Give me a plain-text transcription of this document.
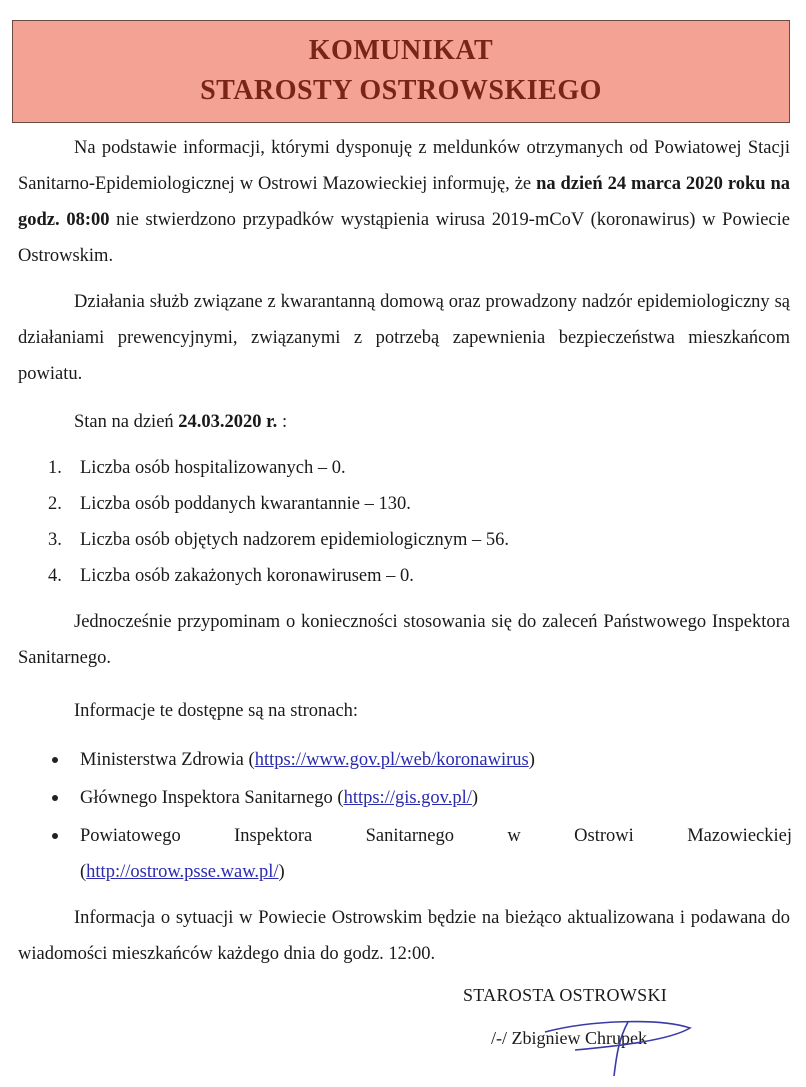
KOMUNIKAT
STAROSTY OSTROWSKIEGO
Na podstawie informacji, którymi dysponuję z meldunków otrzymanych od Powiatowej Stacji Sanitarno-Epidemiologicznej w Ostrowi Mazowieckiej informuję, że na dzień 24 marca 2020 roku na godz. 08:00 nie stwierdzono przypadków wystąpienia wirusa 2019-mCoV (koronawirus) w Powiecie Ostrowskim.
Działania służb związane z kwarantanną domową oraz prowadzony nadzór epidemiologiczny są działaniami prewencyjnymi, związanymi z potrzebą zapewnienia bezpieczeństwa mieszkańcom powiatu.
Stan na dzień 24.03.2020 r. :
1. Liczba osób hospitalizowanych – 0.
2. Liczba osób poddanych kwarantannie – 130.
3. Liczba osób objętych nadzorem epidemiologicznym – 56.
4. Liczba osób zakażonych koronawirusem – 0.
Jednocześnie przypominam o konieczności stosowania się do zaleceń Państwowego Inspektora Sanitarnego.
Informacje te dostępne są na stronach:
Ministerstwa Zdrowia (https://www.gov.pl/web/koronawirus)
Głównego Inspektora Sanitarnego (https://gis.gov.pl/)
Powiatowego Inspektora Sanitarnego w Ostrowi Mazowieckiej
(http://ostrow.psse.waw.pl/)
Informacja o sytuacji w Powiecie Ostrowskim będzie na bieżąco aktualizowana i podawana do wiadomości mieszkańców każdego dnia do godz. 12:00.
STAROSTA OSTROWSKI
/-/ Zbigniew Chrupek
